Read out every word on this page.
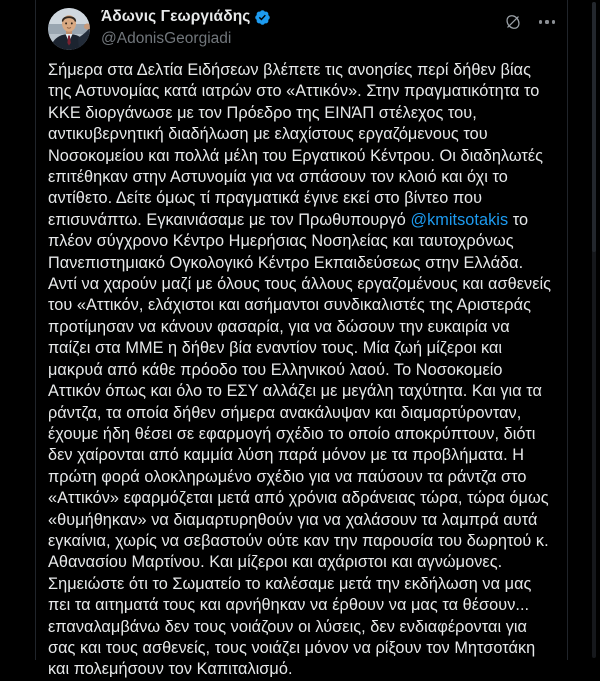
Άδωνις Γεωργιάδης
@AdonisGeorgiadi
Σήμερα στα Δελτία Ειδήσεων βλέπετε τις ανοησίες περί δήθεν βίας της Αστυνομίας κατά ιατρών στο «Αττικόν». Στην πραγματικότητα το ΚΚΕ διοργάνωσε με τον Πρόεδρο της ΕΙΝΆΠ στέλεχος του, αντικυβερνητική διαδήλωση με ελαχίστους εργαζόμενους του Νοσοκομείου και πολλά μέλη του Εργατικού Κέντρου. Οι διαδηλωτές επιτέθηκαν στην Αστυνομία για να σπάσουν τον κλοιό και όχι το αντίθετο. Δείτε όμως τί πραγματικά έγινε εκεί στο βίντεο που επισυνάπτω. Εγκαινιάσαμε με τον Πρωθυπουργό @kmitsotakis το πλέον σύγχρονο Κέντρο Ημερήσιας Νοσηλείας και ταυτοχρόνως Πανεπιστημιακό Ογκολογικό Κέντρο Εκπαιδεύσεως στην Ελλάδα. Αντί να χαρούν μαζί με όλους τους άλλους εργαζομένους και ασθενείς του «Αττικόν, ελάχιστοι και ασήμαντοι συνδικαλιστές της Αριστεράς προτίμησαν να κάνουν φασαρία, για να δώσουν την ευκαιρία να παίζει στα ΜΜΕ η δήθεν βία εναντίον τους. Μία ζωή μίζεροι και μακρυά από κάθε πρόοδο του Ελληνικού λαού. Το Νοσοκομείο Αττικόν όπως και όλο το ΕΣΥ αλλάζει με μεγάλη ταχύτητα. Και για τα ράντζα, τα οποία δήθεν σήμερα ανακάλυψαν και διαμαρτύρονταν, έχουμε ήδη θέσει σε εφαρμογή σχέδιο το οποίο αποκρύπτουν, διότι δεν χαίρονται από καμμία λύση παρά μόνον με τα προβλήματα. Η πρώτη φορά ολοκληρωμένο σχέδιο για να παύσουν τα ράντζα στο «Αττικόν» εφαρμόζεται μετά από χρόνια αδράνειας τώρα, τώρα όμως «θυμήθηκαν» να διαμαρτυρηθούν για να χαλάσουν τα λαμπρά αυτά εγκαίνια, χωρίς να σεβαστούν ούτε καν την παρουσία του δωρητού κ. Αθανασίου Μαρτίνου. Και μίζεροι και αχάριστοι και αγνώμονες. Σημειώστε ότι το Σωματείο το καλέσαμε μετά την εκδήλωση να μας πει τα αιτηματά τους και αρνήθηκαν να έρθουν να μας τα θέσουν... επαναλαμβάνω δεν τους νοιάζουν οι λύσεις, δεν ενδιαφέρονται για σας και τους ασθενείς, τους νοιάζει μόνον να ρίξουν τον Μητσοτάκη και πολεμήσουν τον Καπιταλισμό.
